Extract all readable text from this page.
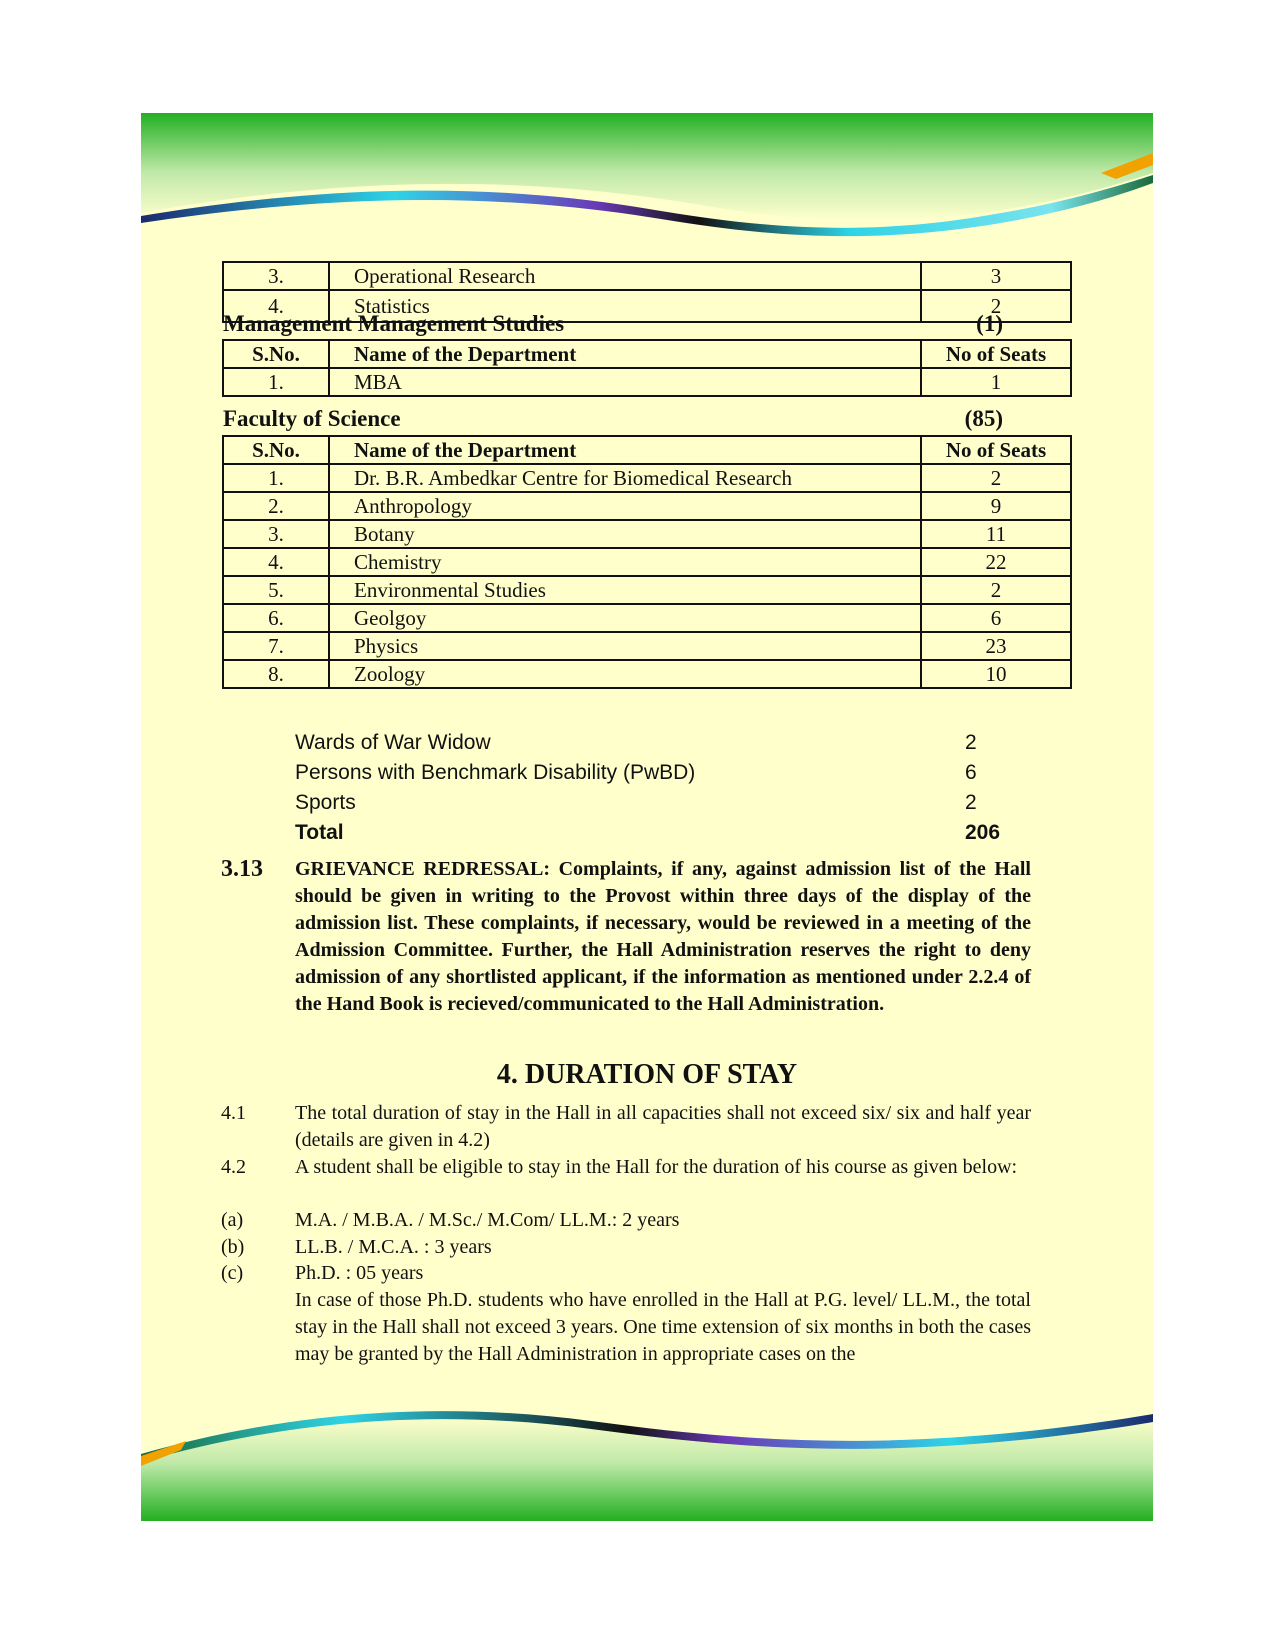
3.	Operational Research	3
4.	Statistics	2
Management Management Studies	(1)
S.No.	Name of the Department	No of Seats
1.	MBA	1
Faculty of Science	(85)
S.No.	Name of the Department	No of Seats
1.	Dr. B.R. Ambedkar Centre for Biomedical Research	2
2.	Anthropology	9
3.	Botany	11
4.	Chemistry	22
5.	Environmental Studies	2
6.	Geolgoy	6
7.	Physics	23
8.	Zoology	10
Wards of War Widow	2
Persons with Benchmark Disability (PwBD)	6
Sports	2
Total	206
3.13 GRIEVANCE REDRESSAL: Complaints, if any, against admission list of the Hall should be given in writing to the Provost within three days of the display of the admission list. These complaints, if necessary, would be reviewed in a meeting of the Admission Committee. Further, the Hall Administration reserves the right to deny admission of any shortlisted applicant, if the information as mentioned under 2.2.4 of the Hand Book is recieved/communicated to the Hall Administration.
4. DURATION OF STAY
4.1 The total duration of stay in the Hall in all capacities shall not exceed six/ six and half year (details are given in 4.2)
4.2 A student shall be eligible to stay in the Hall for the duration of his course as given below:
(a)	M.A. / M.B.A. / M.Sc./ M.Com/ LL.M.: 2 years
(b)	LL.B. / M.C.A. : 3 years
(c)	Ph.D. : 05 years
In case of those Ph.D. students who have enrolled in the Hall at P.G. level/ LL.M., the total stay in the Hall shall not exceed 3 years. One time extension of six months in both the cases may be granted by the Hall Administration in appropriate cases on the
